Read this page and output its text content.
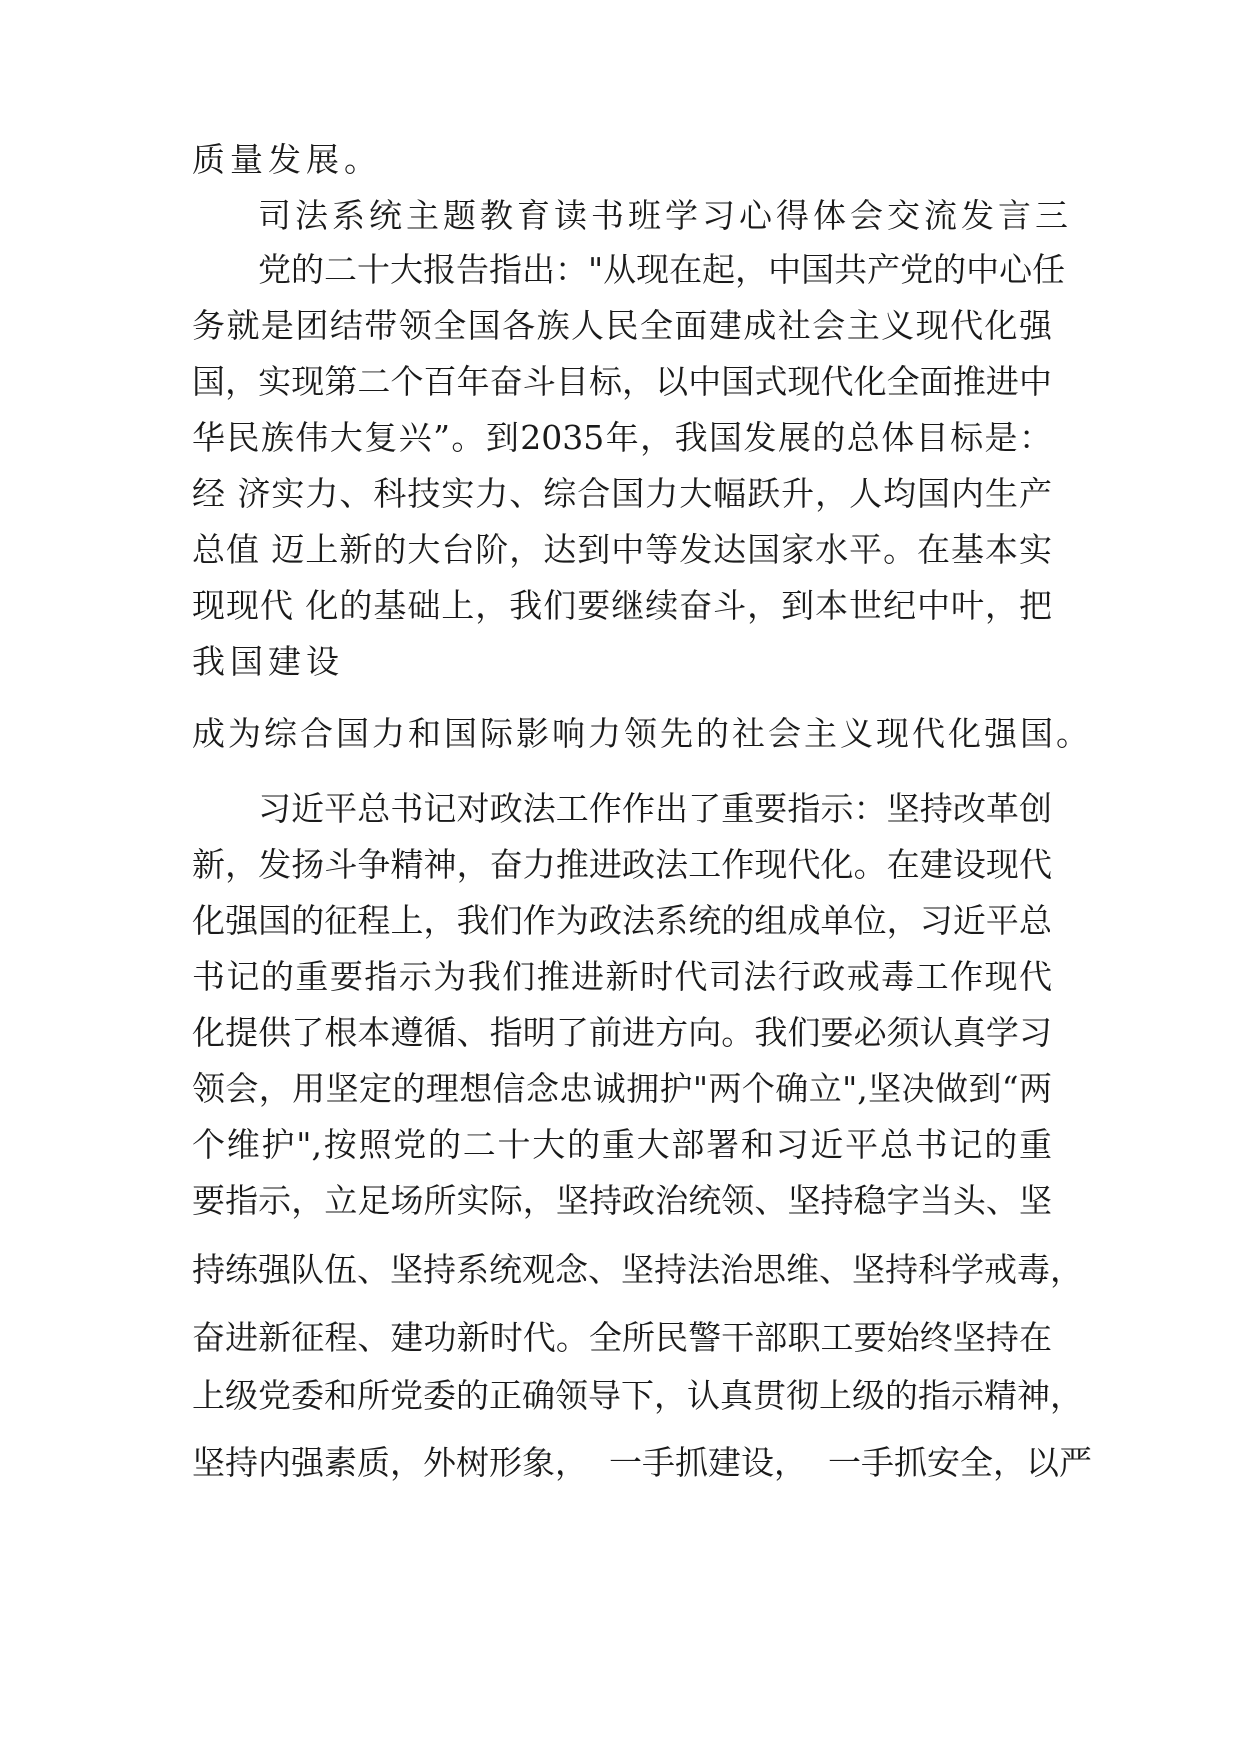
质量发展。
司法系统主题教育读书班学习心得体会交流发言三
党的二十大报告指出："从现在起，中国共产党的中心任
务就是团结带领全国各族人民全面建成社会主义现代化强
国，实现第二个百年奋斗目标，以中国式现代化全面推进中
华民族伟大复兴”。到2035年，我国发展的总体目标是：
经 济实力、科技实力、综合国力大幅跃升，人均国内生产
总值 迈上新的大台阶，达到中等发达国家水平。在基本实
现现代 化的基础上，我们要继续奋斗，到本世纪中叶，把
我国建设
成为综合国力和国际影响力领先的社会主义现代化强国。
习近平总书记对政法工作作出了重要指示：坚持改革创
新，发扬斗争精神，奋力推进政法工作现代化。在建设现代
化强国的征程上，我们作为政法系统的组成单位，习近平总
书记的重要指示为我们推进新时代司法行政戒毒工作现代
化提供了根本遵循、指明了前进方向。我们要必须认真学习
领会，用坚定的理想信念忠诚拥护"两个确立",坚决做到“两
个维护",按照党的二十大的重大部署和习近平总书记的重
要指示，立足场所实际，坚持政治统领、坚持稳字当头、坚
持练强队伍、坚持系统观念、坚持法治思维、坚持科学戒毒，
奋进新征程、建功新时代。全所民警干部职工要始终坚持在
上级党委和所党委的正确领导下，认真贯彻上级的指示精神，
坚持内强素质，外树形象，  一手抓建设，  一手抓安全，以严
